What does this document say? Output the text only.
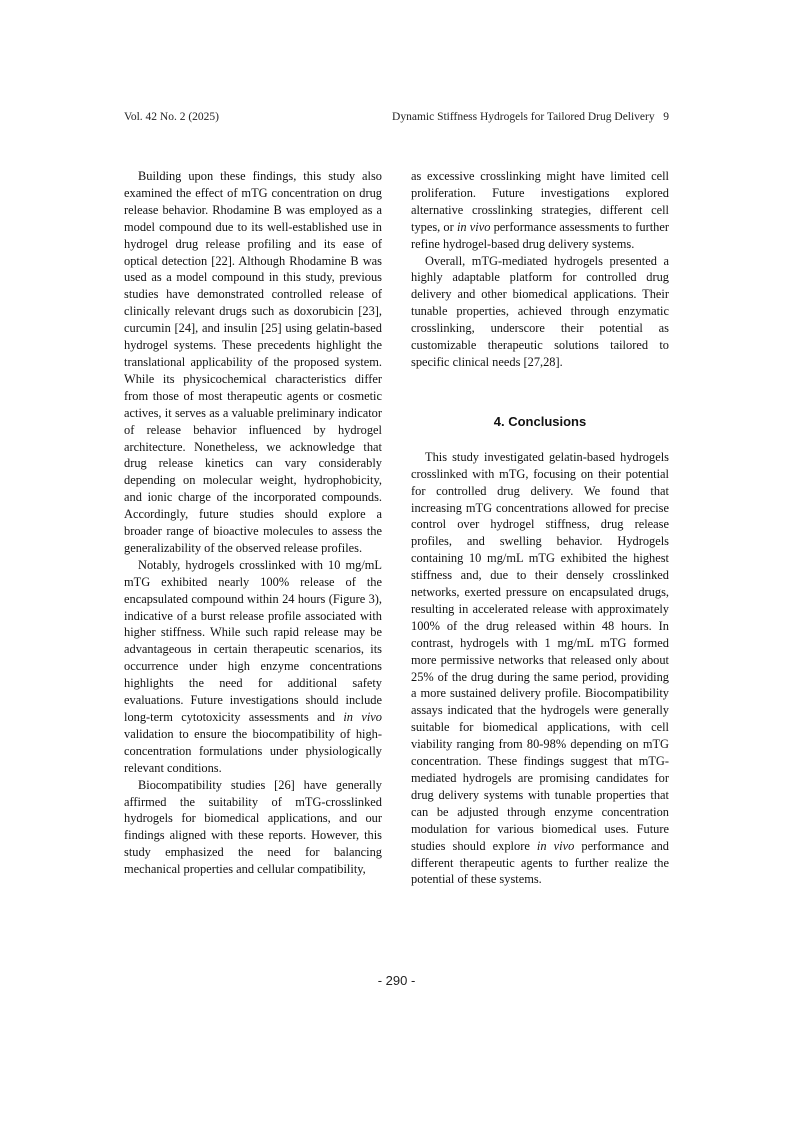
Vol. 42 No. 2 (2025)	Dynamic Stiffness Hydrogels for Tailored Drug Delivery 9

Building upon these findings, this study also examined the effect of mTG concentration on drug release behavior. Rhodamine B was employed as a model compound due to its well-established use in hydrogel drug release profiling and its ease of optical detection [22]. Although Rhodamine B was used as a model compound in this study, previous studies have demonstrated controlled release of clinically relevant drugs such as doxorubicin [23], curcumin [24], and insulin [25] using gelatin-based hydrogel systems. These precedents highlight the translational applicability of the proposed system. While its physicochemical characteristics differ from those of most therapeutic agents or cosmetic actives, it serves as a valuable preliminary indicator of release behavior influenced by hydrogel architecture. Nonetheless, we acknowledge that drug release kinetics can vary considerably depending on molecular weight, hydrophobicity, and ionic charge of the incorporated compounds. Accordingly, future studies should explore a broader range of bioactive molecules to assess the generalizability of the observed release profiles.

Notably, hydrogels crosslinked with 10 mg/mL mTG exhibited nearly 100% release of the encapsulated compound within 24 hours (Figure 3), indicative of a burst release profile associated with higher stiffness. While such rapid release may be advantageous in certain therapeutic scenarios, its occurrence under high enzyme concentrations highlights the need for additional safety evaluations. Future investigations should include long-term cytotoxicity assessments and in vivo validation to ensure the biocompatibility of high-concentration formulations under physiologically relevant conditions.

Biocompatibility studies [26] have generally affirmed the suitability of mTG-crosslinked hydrogels for biomedical applications, and our findings aligned with these reports. However, this study emphasized the need for balancing mechanical properties and cellular compatibility,

as excessive crosslinking might have limited cell proliferation. Future investigations explored alternative crosslinking strategies, different cell types, or in vivo performance assessments to further refine hydrogel-based drug delivery systems.

Overall, mTG-mediated hydrogels presented a highly adaptable platform for controlled drug delivery and other biomedical applications. Their tunable properties, achieved through enzymatic crosslinking, underscore their potential as customizable therapeutic solutions tailored to specific clinical needs [27,28].

4. Conclusions

This study investigated gelatin-based hydrogels crosslinked with mTG, focusing on their potential for controlled drug delivery. We found that increasing mTG concentrations allowed for precise control over hydrogel stiffness, drug release profiles, and swelling behavior. Hydrogels containing 10 mg/mL mTG exhibited the highest stiffness and, due to their densely crosslinked networks, exerted pressure on encapsulated drugs, resulting in accelerated release with approximately 100% of the drug released within 48 hours. In contrast, hydrogels with 1 mg/mL mTG formed more permissive networks that released only about 25% of the drug during the same period, providing a more sustained delivery profile. Biocompatibility assays indicated that the hydrogels were generally suitable for biomedical applications, with cell viability ranging from 80-98% depending on mTG concentration. These findings suggest that mTG-mediated hydrogels are promising candidates for drug delivery systems with tunable properties that can be adjusted through enzyme concentration modulation for various biomedical uses. Future studies should explore in vivo performance and different therapeutic agents to further realize the potential of these systems.

- 290 -
